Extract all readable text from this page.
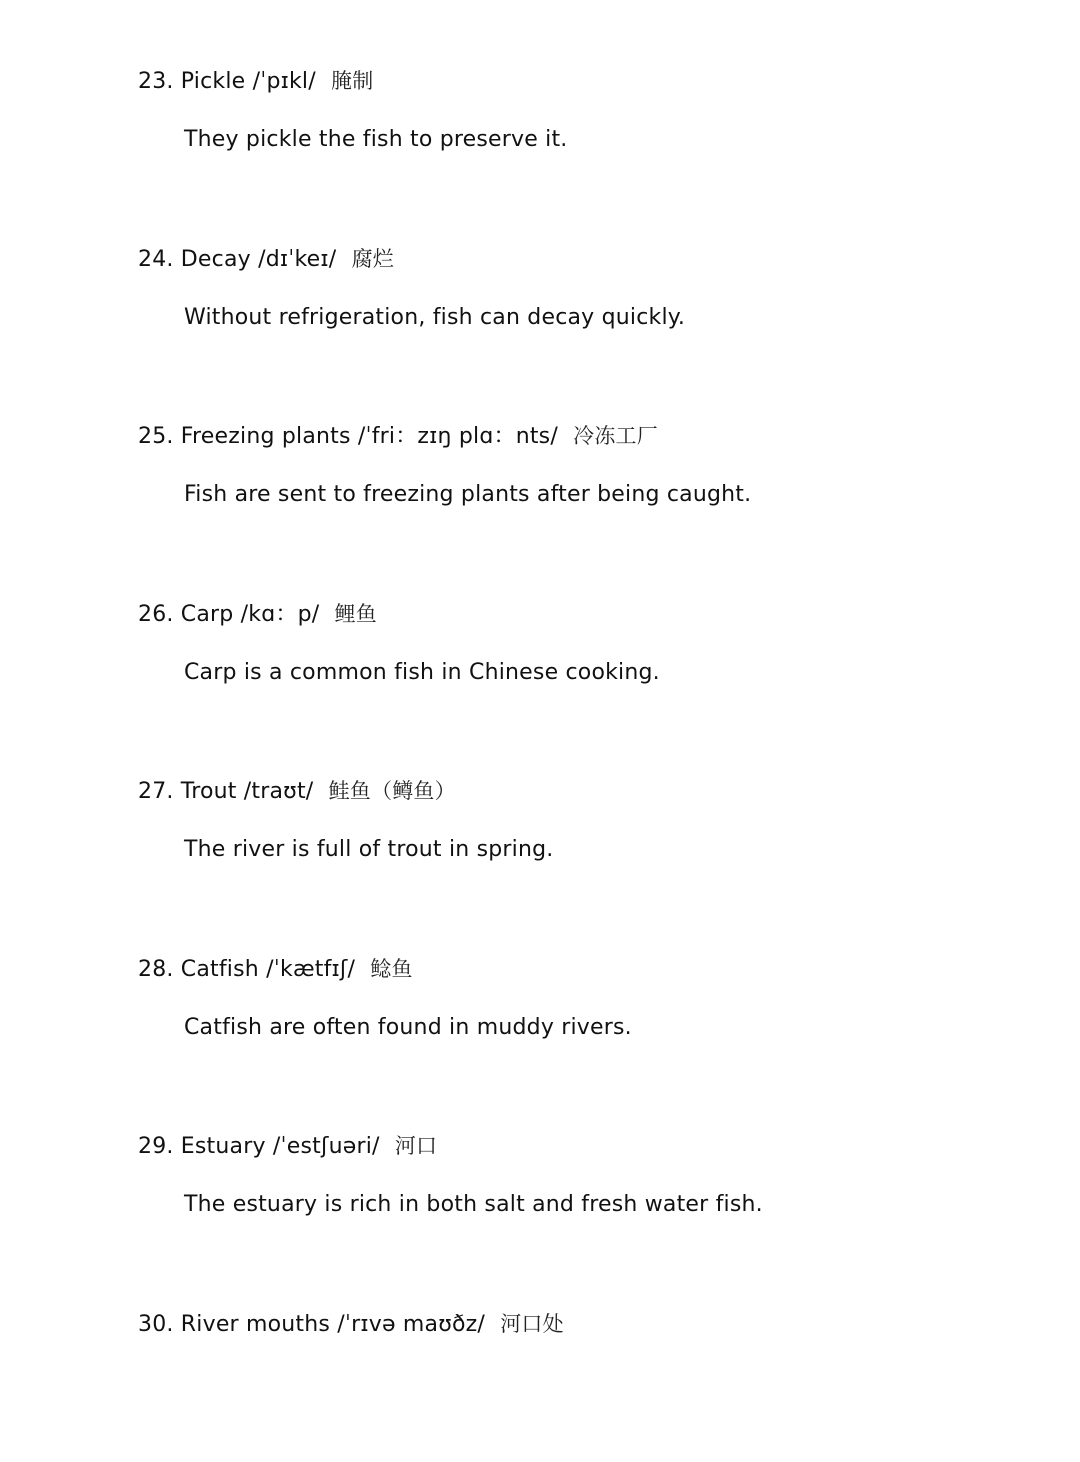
23. Pickle /ˈpɪkl/ 腌制
They pickle the fish to preserve it.
24. Decay /dɪˈkeɪ/ 腐烂
Without refrigeration, fish can decay quickly.
25. Freezing plants /ˈfri：zɪŋ plɑ：nts/ 冷冻工厂
Fish are sent to freezing plants after being caught.
26. Carp /kɑ：p/ 鲤鱼
Carp is a common fish in Chinese cooking.
27. Trout /traʊt/ 鲑鱼（鳟鱼）
The river is full of trout in spring.
28. Catfish /ˈkætfɪʃ/ 鲶鱼
Catfish are often found in muddy rivers.
29. Estuary /ˈestʃuəri/ 河口
The estuary is rich in both salt and fresh water fish.
30. River mouths /ˈrɪvə maʊðz/ 河口处
